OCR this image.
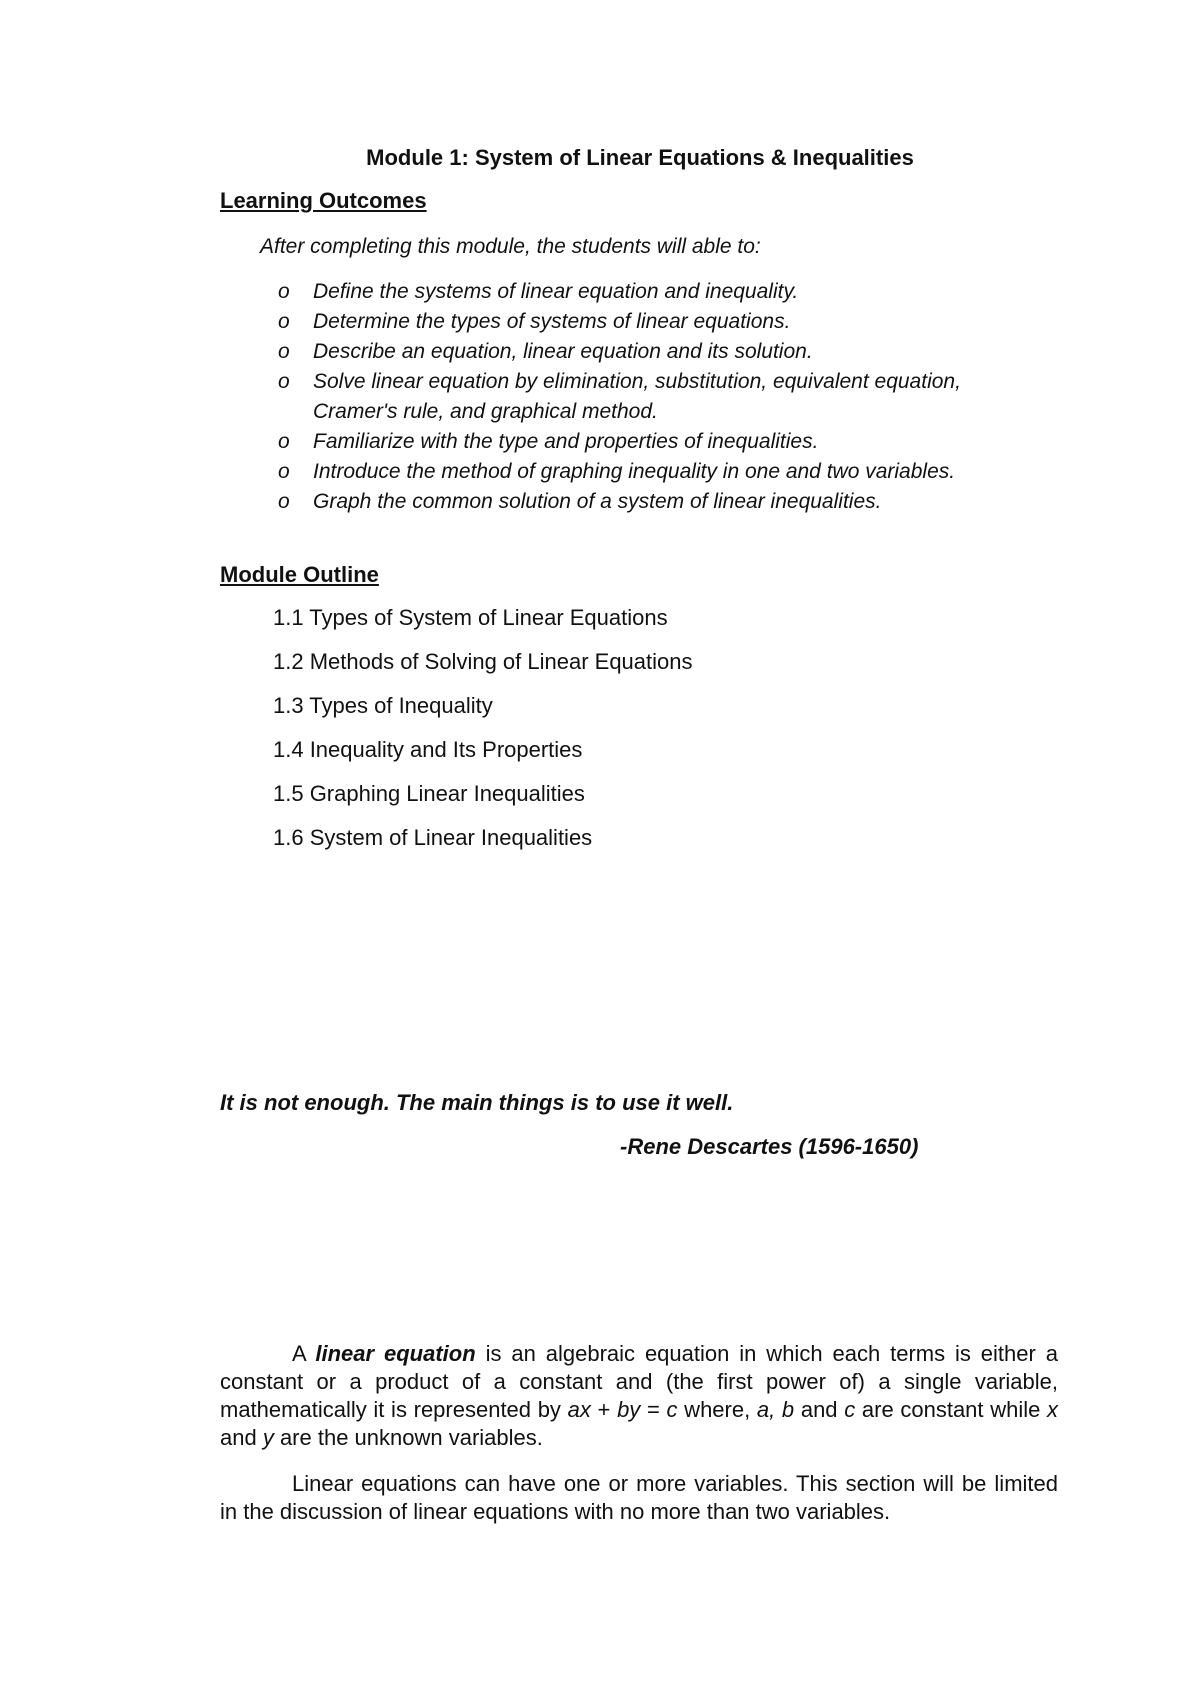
Module 1: System of Linear Equations & Inequalities
Learning Outcomes
After completing this module, the students will able to:
o Define the systems of linear equation and inequality.
o Determine the types of systems of linear equations.
o Describe an equation, linear equation and its solution.
o Solve linear equation by elimination, substitution, equivalent equation, Cramer's rule, and graphical method.
o Familiarize with the type and properties of inequalities.
o Introduce the method of graphing inequality in one and two variables.
o Graph the common solution of a system of linear inequalities.
Module Outline
1.1 Types of System of Linear Equations
1.2 Methods of Solving of Linear Equations
1.3 Types of Inequality
1.4 Inequality and Its Properties
1.5 Graphing Linear Inequalities
1.6 System of Linear Inequalities
It is not enough. The main things is to use it well.
-Rene Descartes (1596-1650)
A linear equation is an algebraic equation in which each terms is either a constant or a product of a constant and (the first power of) a single variable, mathematically it is represented by ax + by = c where, a, b and c are constant while x and y are the unknown variables.
Linear equations can have one or more variables. This section will be limited in the discussion of linear equations with no more than two variables.
